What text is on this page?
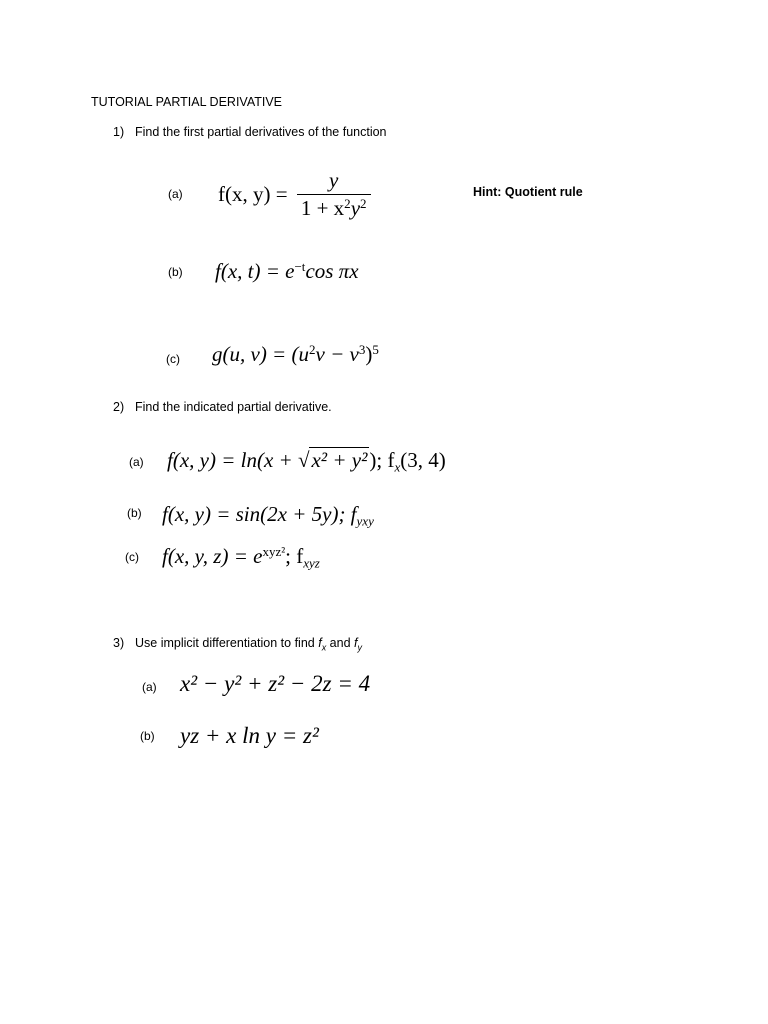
TUTORIAL PARTIAL DERIVATIVE
1) Find the first partial derivatives of the function
(a) f(x, $y) = \frac{y}{1 + x^2y^2}$	Hint: Quotient rule
(b) f(x, $t) = e^{-t}\cos$ πx
(c) g(u, $v) = (u^2v - v^3)^5$
2) Find the indicated partial derivative.
(a) f(x, y) = ln(x + √x² + y²); $f_x(3$, 4)
(b) f(x, y) = sin(2x + 5y); $f_{yxy}$
(c) f(x, y, $z) = e^{xyz^2}$; $f_{xyz}$
3) Use implicit differentiation to find $f_x$ and $f_y$
(a) x² − y² + z² − 2z = 4
(b) yz + x ln y = z²
